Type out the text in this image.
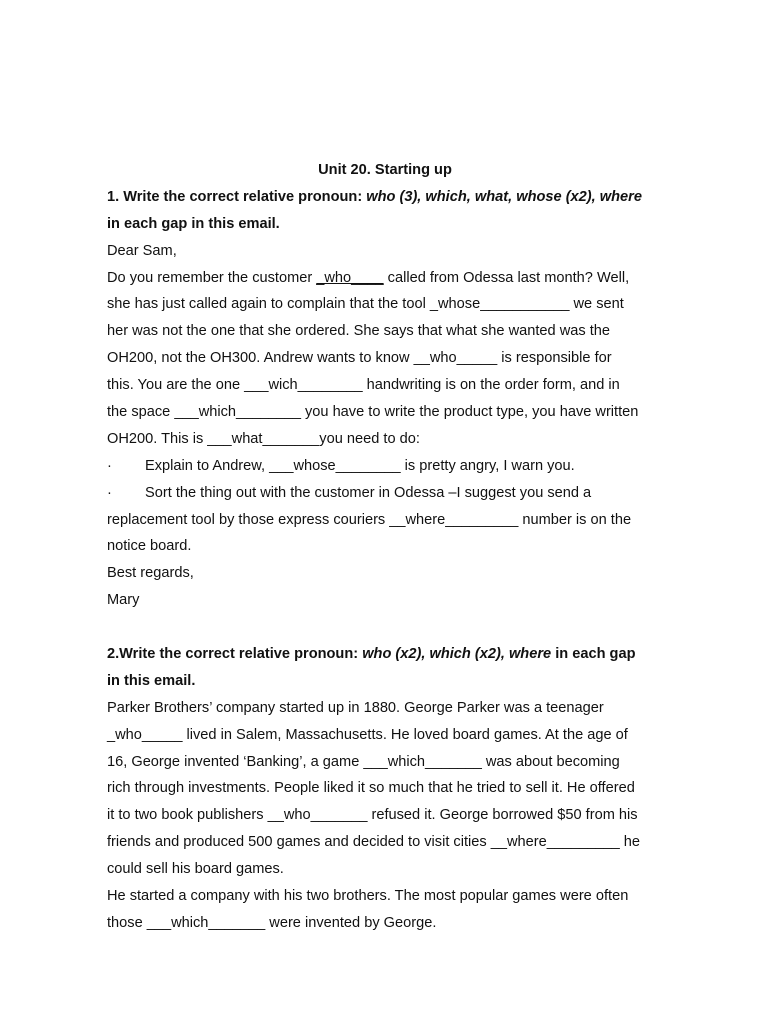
Unit 20. Starting up
1. Write the correct relative pronoun: who (3), which, what, whose (x2), where
in each gap in this email.
Dear Sam,
Do you remember the customer _who____ called from Odessa last month? Well,
she has just called again to complain that the tool _whose___________ we sent
her was not the one that she ordered. She says that what she wanted was the
OH200, not the OH300. Andrew wants to know __who_____ is responsible for
this. You are the one ___wich________ handwriting is on the order form, and in
the space ___which________ you have to write the product type, you have written
OH200. This is ___what_______you need to do:
·	Explain to Andrew, ___whose________ is pretty angry, I warn you.
·	Sort the thing out with the customer in Odessa –I suggest you send a
replacement tool by those express couriers __where_________ number is on the
notice board.
Best regards,
Mary
2.Write the correct relative pronoun: who (x2), which (x2), where in each gap
in this email.
Parker Brothers’ company started up in 1880. George Parker was a teenager
_who_____ lived in Salem, Massachusetts. He loved board games. At the age of
16, George invented ‘Banking’, a game ___which_______ was about becoming
rich through investments. People liked it so much that he tried to sell it. He offered
it to two book publishers __who_______ refused it. George borrowed $50 from his
friends and produced 500 games and decided to visit cities __where_________ he
could sell his board games.
He started a company with his two brothers. The most popular games were often
those ___which_______ were invented by George.
